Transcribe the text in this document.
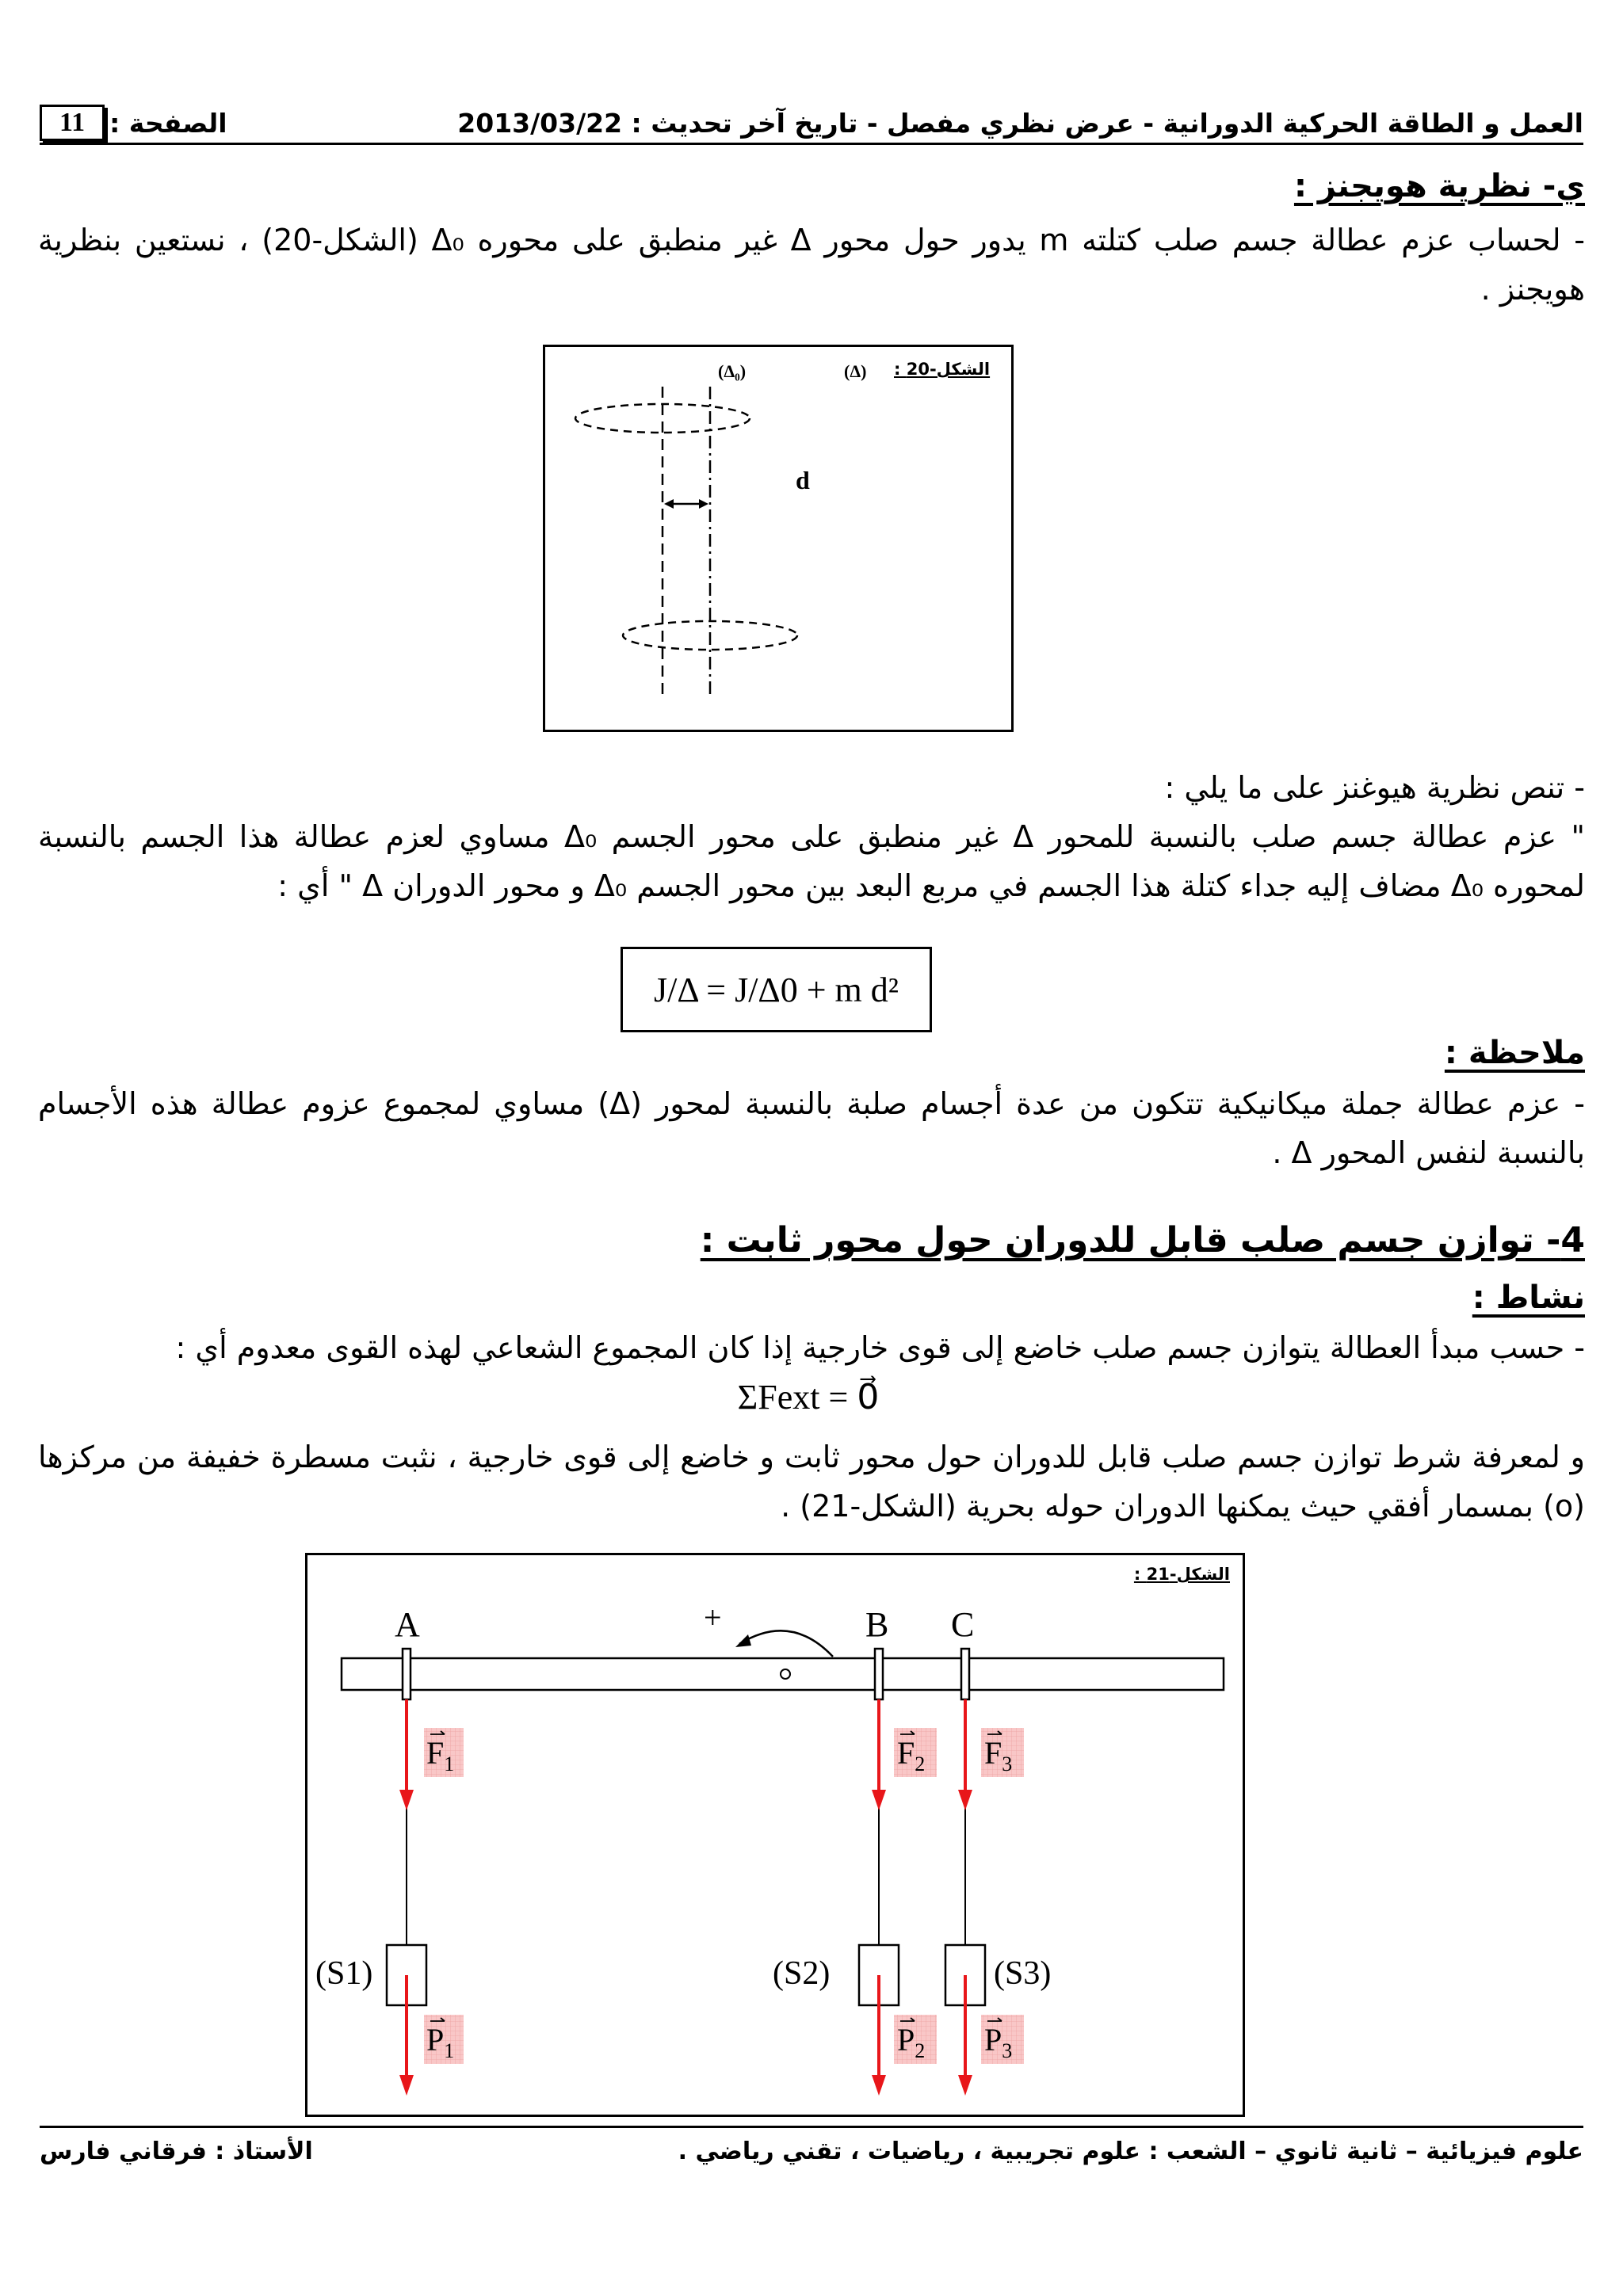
العمل و الطاقة الحركية الدورانية - عرض نظري مفصل - تاريخ آخر تحديث : 2013/03/22
11 الصفحة :
ي- نظرية هويجنز :
- لحساب عزم عطالة جسم صلب كتلته m يدور حول محور Δ غير منطبق على محوره Δ₀ (الشكل-20) ، نستعين بنظرية هويجنز .
(Δ₀)	(Δ) الشكل-20 :
d
- تنص نظرية هيوغنز على ما يلي :
" عزم عطالة جسم صلب بالنسبة للمحور Δ غير منطبق على محور الجسم Δ₀ مساوي لعزم عطالة هذا الجسم بالنسبة لمحوره Δ₀ مضاف إليه جداء كتلة هذا الجسم في مربع البعد بين محور الجسم Δ₀ و محور الدوران Δ " أي :
J/Δ = J/Δ0 + m d²
ملاحظة :
- عزم عطالة جملة ميكانيكية تتكون من عدة أجسام صلبة بالنسبة لمحور (Δ) مساوي لمجموع عزوم عطالة هذه الأجسام بالنسبة لنفس المحور Δ .
4- توازن جسم صلب قابل للدوران حول محور ثابت :
نشاط :
- حسب مبدأ العطالة يتوازن جسم صلب خاضع إلى قوى خارجية إذا كان المجموع الشعاعي لهذه القوى معدوم أي :
ΣFext = 0⃗
و لمعرفة شرط توازن جسم صلب قابل للدوران حول محور ثابت و خاضع إلى قوى خارجية ، نثبت مسطرة خفيفة من مركزها (o) بمسمار أفقي حيث يمكنها الدوران حوله بحرية (الشكل-21) .
الشكل-21 :
A	B C
+
$F_1$	$F_2$ $F_3$
$P_1$	$P_2$ $P_3$
(S1)	(S2)	(S3)
الأستاذ : فرقاني فارس	علوم فيزيائية – ثانية ثانوي – الشعب : علوم تجريبية ، رياضيات ، تقني رياضي .
